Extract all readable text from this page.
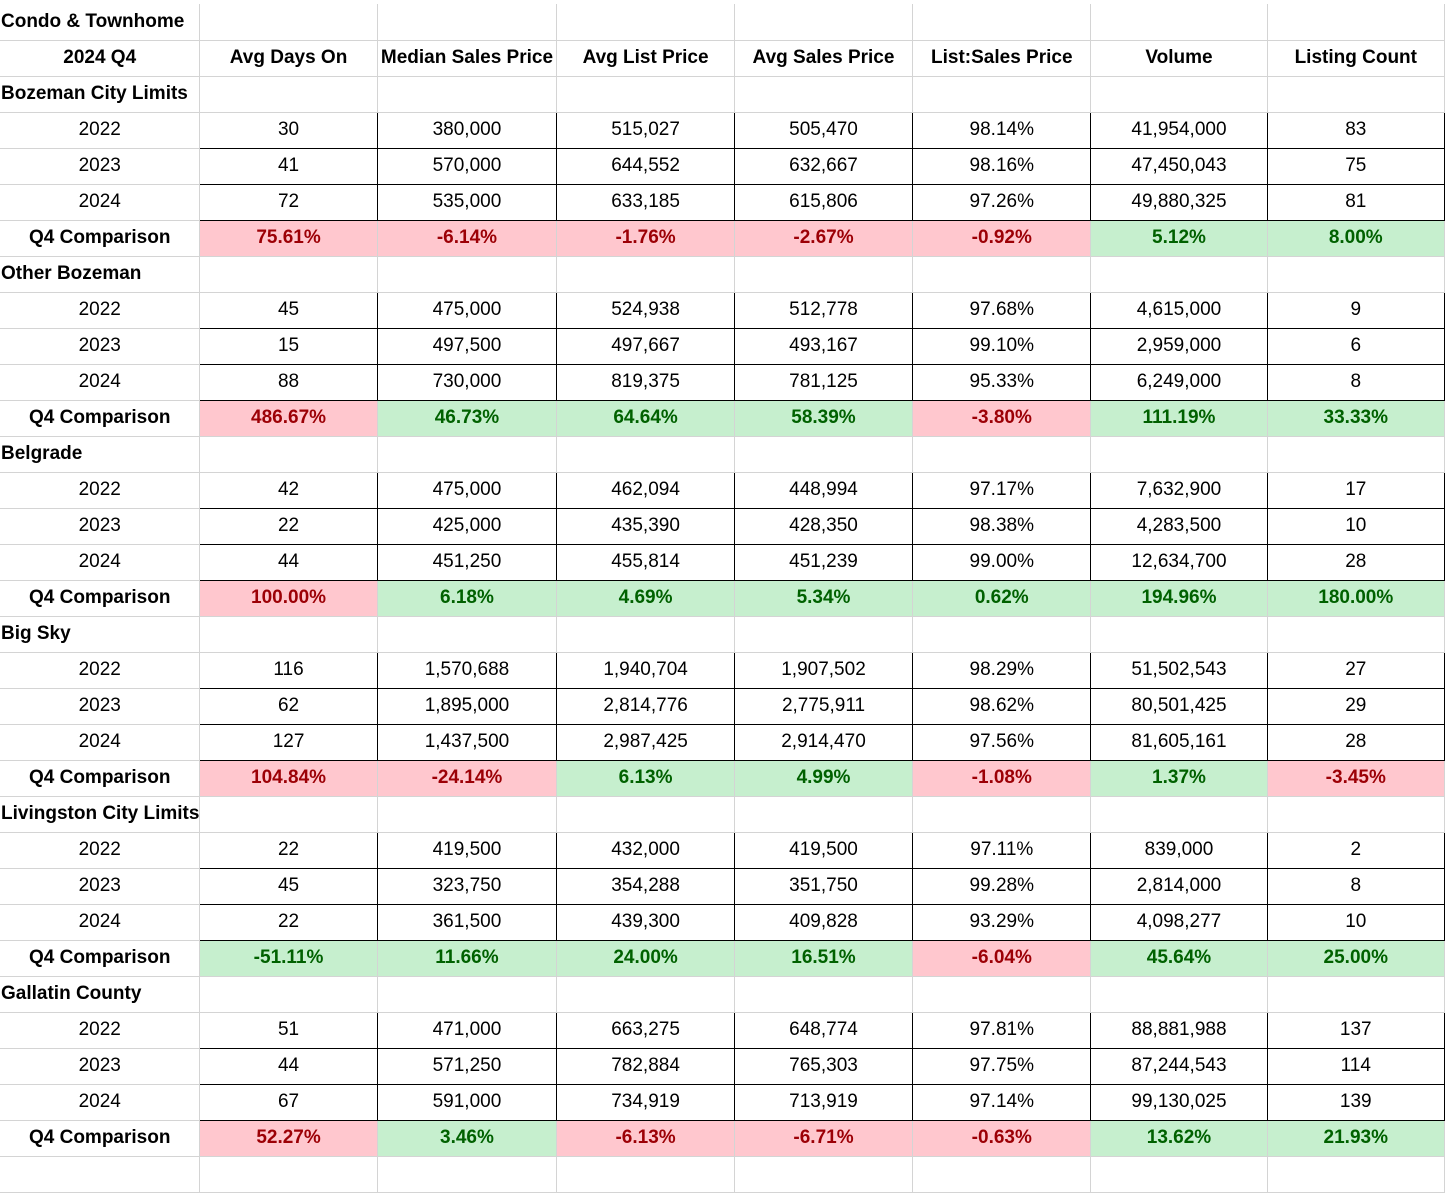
Condo & Townhome							
2024 Q4	Avg Days On	Median Sales Price	Avg List Price	Avg Sales Price	List:Sales Price	Volume	Listing Count
Bozeman City Limits							
2022	30	380,000	515,027	505,470	98.14%	41,954,000	83
2023	41	570,000	644,552	632,667	98.16%	47,450,043	75
2024	72	535,000	633,185	615,806	97.26%	49,880,325	81
Q4 Comparison	75.61%	-6.14%	-1.76%	-2.67%	-0.92%	5.12%	8.00%
Other Bozeman							
2022	45	475,000	524,938	512,778	97.68%	4,615,000	9
2023	15	497,500	497,667	493,167	99.10%	2,959,000	6
2024	88	730,000	819,375	781,125	95.33%	6,249,000	8
Q4 Comparison	486.67%	46.73%	64.64%	58.39%	-3.80%	111.19%	33.33%
Belgrade							
2022	42	475,000	462,094	448,994	97.17%	7,632,900	17
2023	22	425,000	435,390	428,350	98.38%	4,283,500	10
2024	44	451,250	455,814	451,239	99.00%	12,634,700	28
Q4 Comparison	100.00%	6.18%	4.69%	5.34%	0.62%	194.96%	180.00%
Big Sky							
2022	116	1,570,688	1,940,704	1,907,502	98.29%	51,502,543	27
2023	62	1,895,000	2,814,776	2,775,911	98.62%	80,501,425	29
2024	127	1,437,500	2,987,425	2,914,470	97.56%	81,605,161	28
Q4 Comparison	104.84%	-24.14%	6.13%	4.99%	-1.08%	1.37%	-3.45%
Livingston City Limits							
2022	22	419,500	432,000	419,500	97.11%	839,000	2
2023	45	323,750	354,288	351,750	99.28%	2,814,000	8
2024	22	361,500	439,300	409,828	93.29%	4,098,277	10
Q4 Comparison	-51.11%	11.66%	24.00%	16.51%	-6.04%	45.64%	25.00%
Gallatin County							
2022	51	471,000	663,275	648,774	97.81%	88,881,988	137
2023	44	571,250	782,884	765,303	97.75%	87,244,543	114
2024	67	591,000	734,919	713,919	97.14%	99,130,025	139
Q4 Comparison	52.27%	3.46%	-6.13%	-6.71%	-0.63%	13.62%	21.93%
